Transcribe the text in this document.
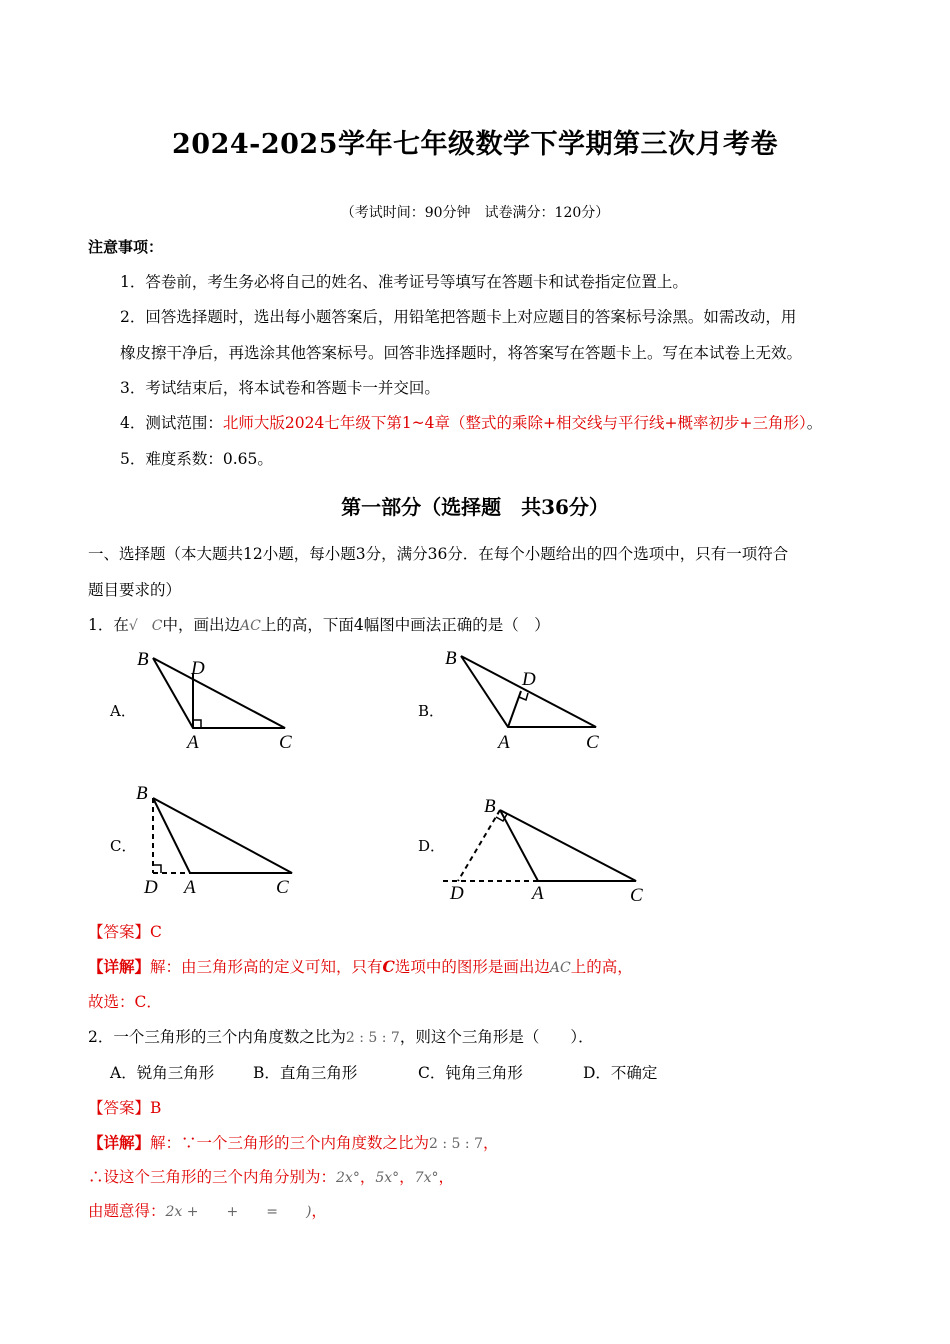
2024-2025学年七年级数学下学期第三次月考卷
（考试时间：90分钟　试卷满分：120分）
注意事项：
1．答卷前，考生务必将自己的姓名、准考证号等填写在答题卡和试卷指定位置上。
2．回答选择题时，选出每小题答案后，用铅笔把答题卡上对应题目的答案标号涂黑。如需改动，用
橡皮擦干净后，再选涂其他答案标号。回答非选择题时，将答案写在答题卡上。写在本试卷上无效。
3．考试结束后，将本试卷和答题卡一并交回。
4．测试范围：北师大版2024七年级下第1~4章（整式的乘除+相交线与平行线+概率初步+三角形）。
5．难度系数：0.65。
第一部分（选择题　共36分）
一、选择题（本大题共12小题，每小题3分，满分36分．在每个小题给出的四个选项中，只有一项符合
题目要求的）
1．在√　C中，画出边AC上的高，下面4幅图中画法正确的是（　）
A．	B．
C．	D．
B D
A	C
B
D
A	C
B
D A	C
B
D	A	C
【答案】C
【详解】解：由三角形高的定义可知，只有C选项中的图形是画出边AC上的高，
故选：C．
2．一个三角形的三个内角度数之比为2 : 5 : 7，则这个三角形是（　　）．
A．锐角三角形	B．直角三角形	C．钝角三角形	D．不确定
【答案】B
【详解】解：∵一个三角形的三个内角度数之比为2 : 5 : 7，
∴设这个三角形的三个内角分别为：2x°，5x°，7x°，
由题意得：2x +　　+　　=　　)，
